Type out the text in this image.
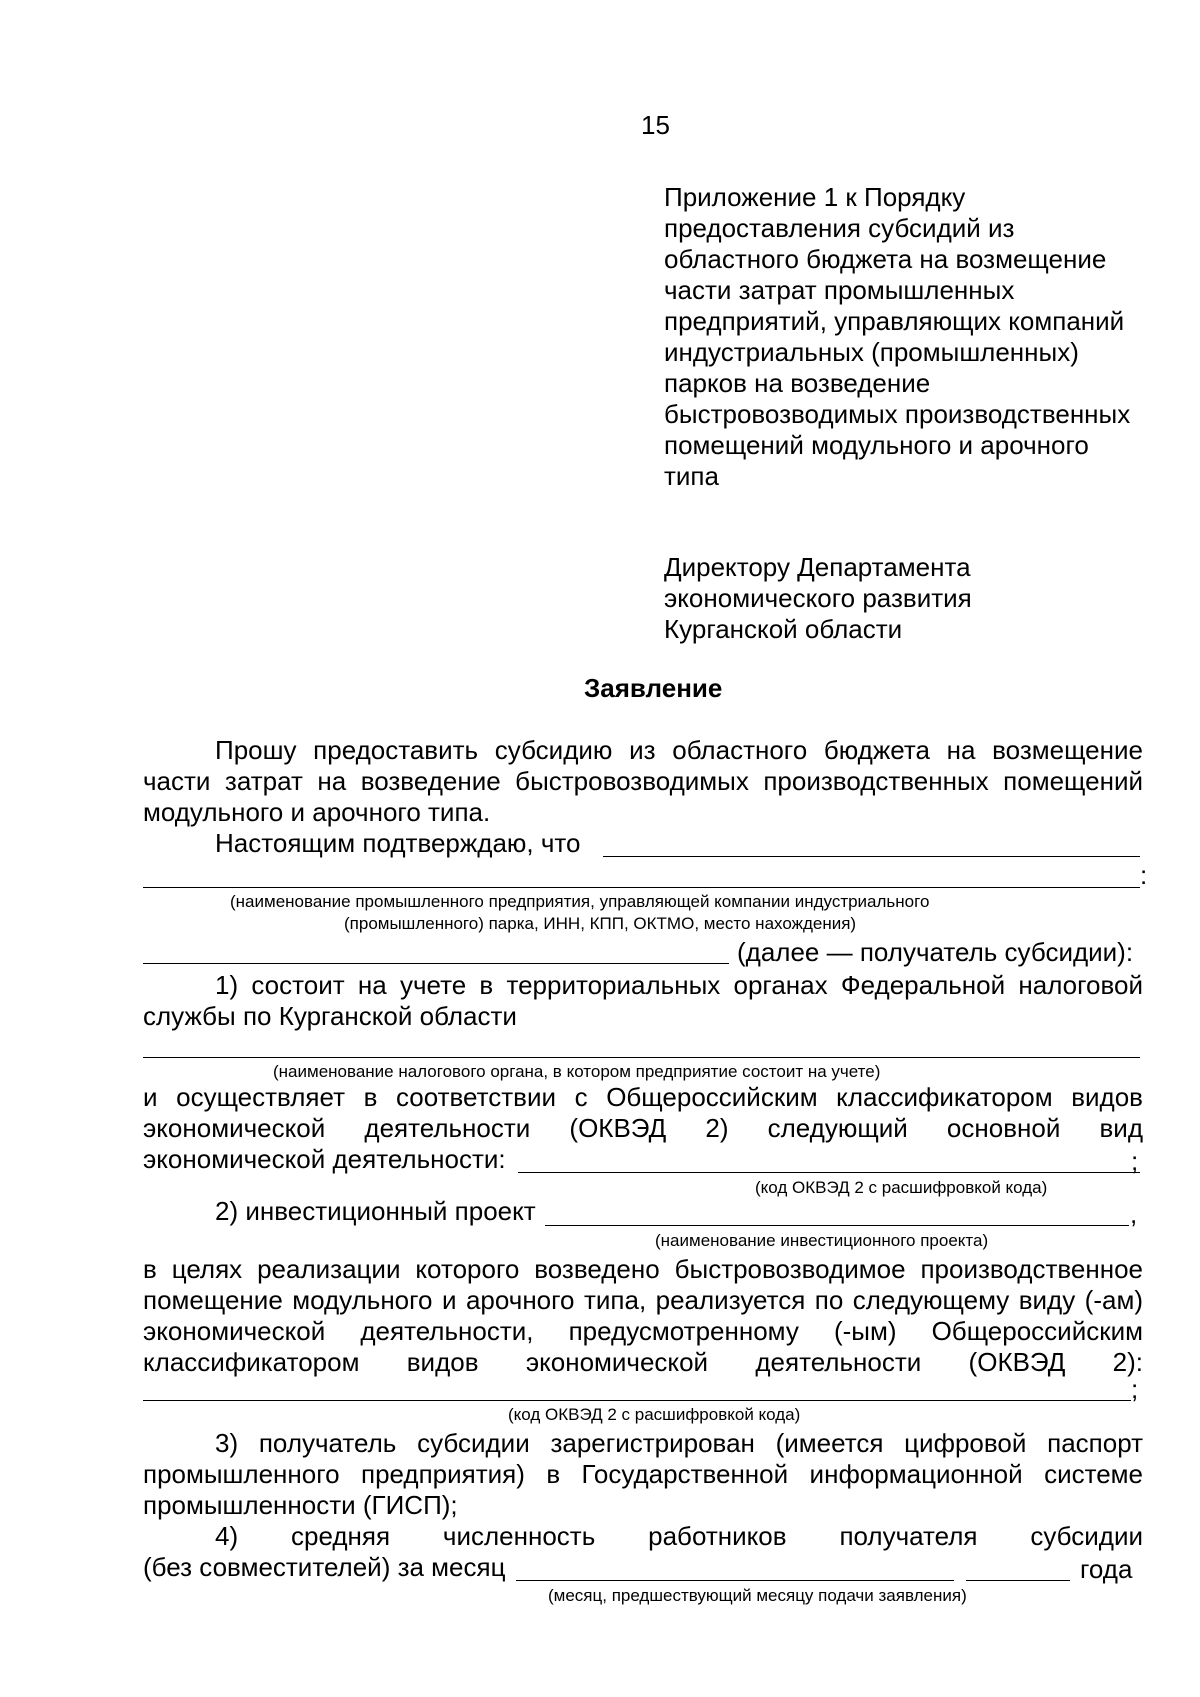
15
Приложение 1 к Порядку
предоставления субсидий из
областного бюджета на возмещение
части затрат промышленных
предприятий, управляющих компаний
индустриальных (промышленных)
парков на возведение
быстровозводимых производственных
помещений модульного и арочного
типа
Директору Департамента
экономического развития
Курганской области
Заявление
Прошу предоставить субсидию из областного бюджета на возмещение
части затрат на возведение быстровозводимых производственных помещений
модульного и арочного типа.
Настоящим подтверждаю, что
:
(наименование промышленного предприятия, управляющей компании индустриального
(промышленного) парка, ИНН, КПП, ОКТМО, место нахождения)
(далее — получатель субсидии):
1) состоит на учете в территориальных органах Федеральной налоговой
службы по Курганской области
(наименование налогового органа, в котором предприятие состоит на учете)
и осуществляет в соответствии с Общероссийским классификатором видов
экономической деятельности (ОКВЭД 2) следующий основной вид
экономической деятельности:	;
(код ОКВЭД 2 с расшифровкой кода)
2) инвестиционный проект	,
(наименование инвестиционного проекта)
в целях реализации которого возведено быстровозводимое производственное
помещение модульного и арочного типа, реализуется по следующему виду (-ам)
экономической деятельности, предусмотренному (-ым) Общероссийским
классификатором видов экономической деятельности (ОКВЭД 2):
;
(код ОКВЭД 2 с расшифровкой кода)
3) получатель субсидии зарегистрирован (имеется цифровой паспорт
промышленного предприятия) в Государственной информационной системе
промышленности (ГИСП);
4) средняя численность работников получателя субсидии
(без совместителей) за месяц	года
(месяц, предшествующий месяцу подачи заявления)
